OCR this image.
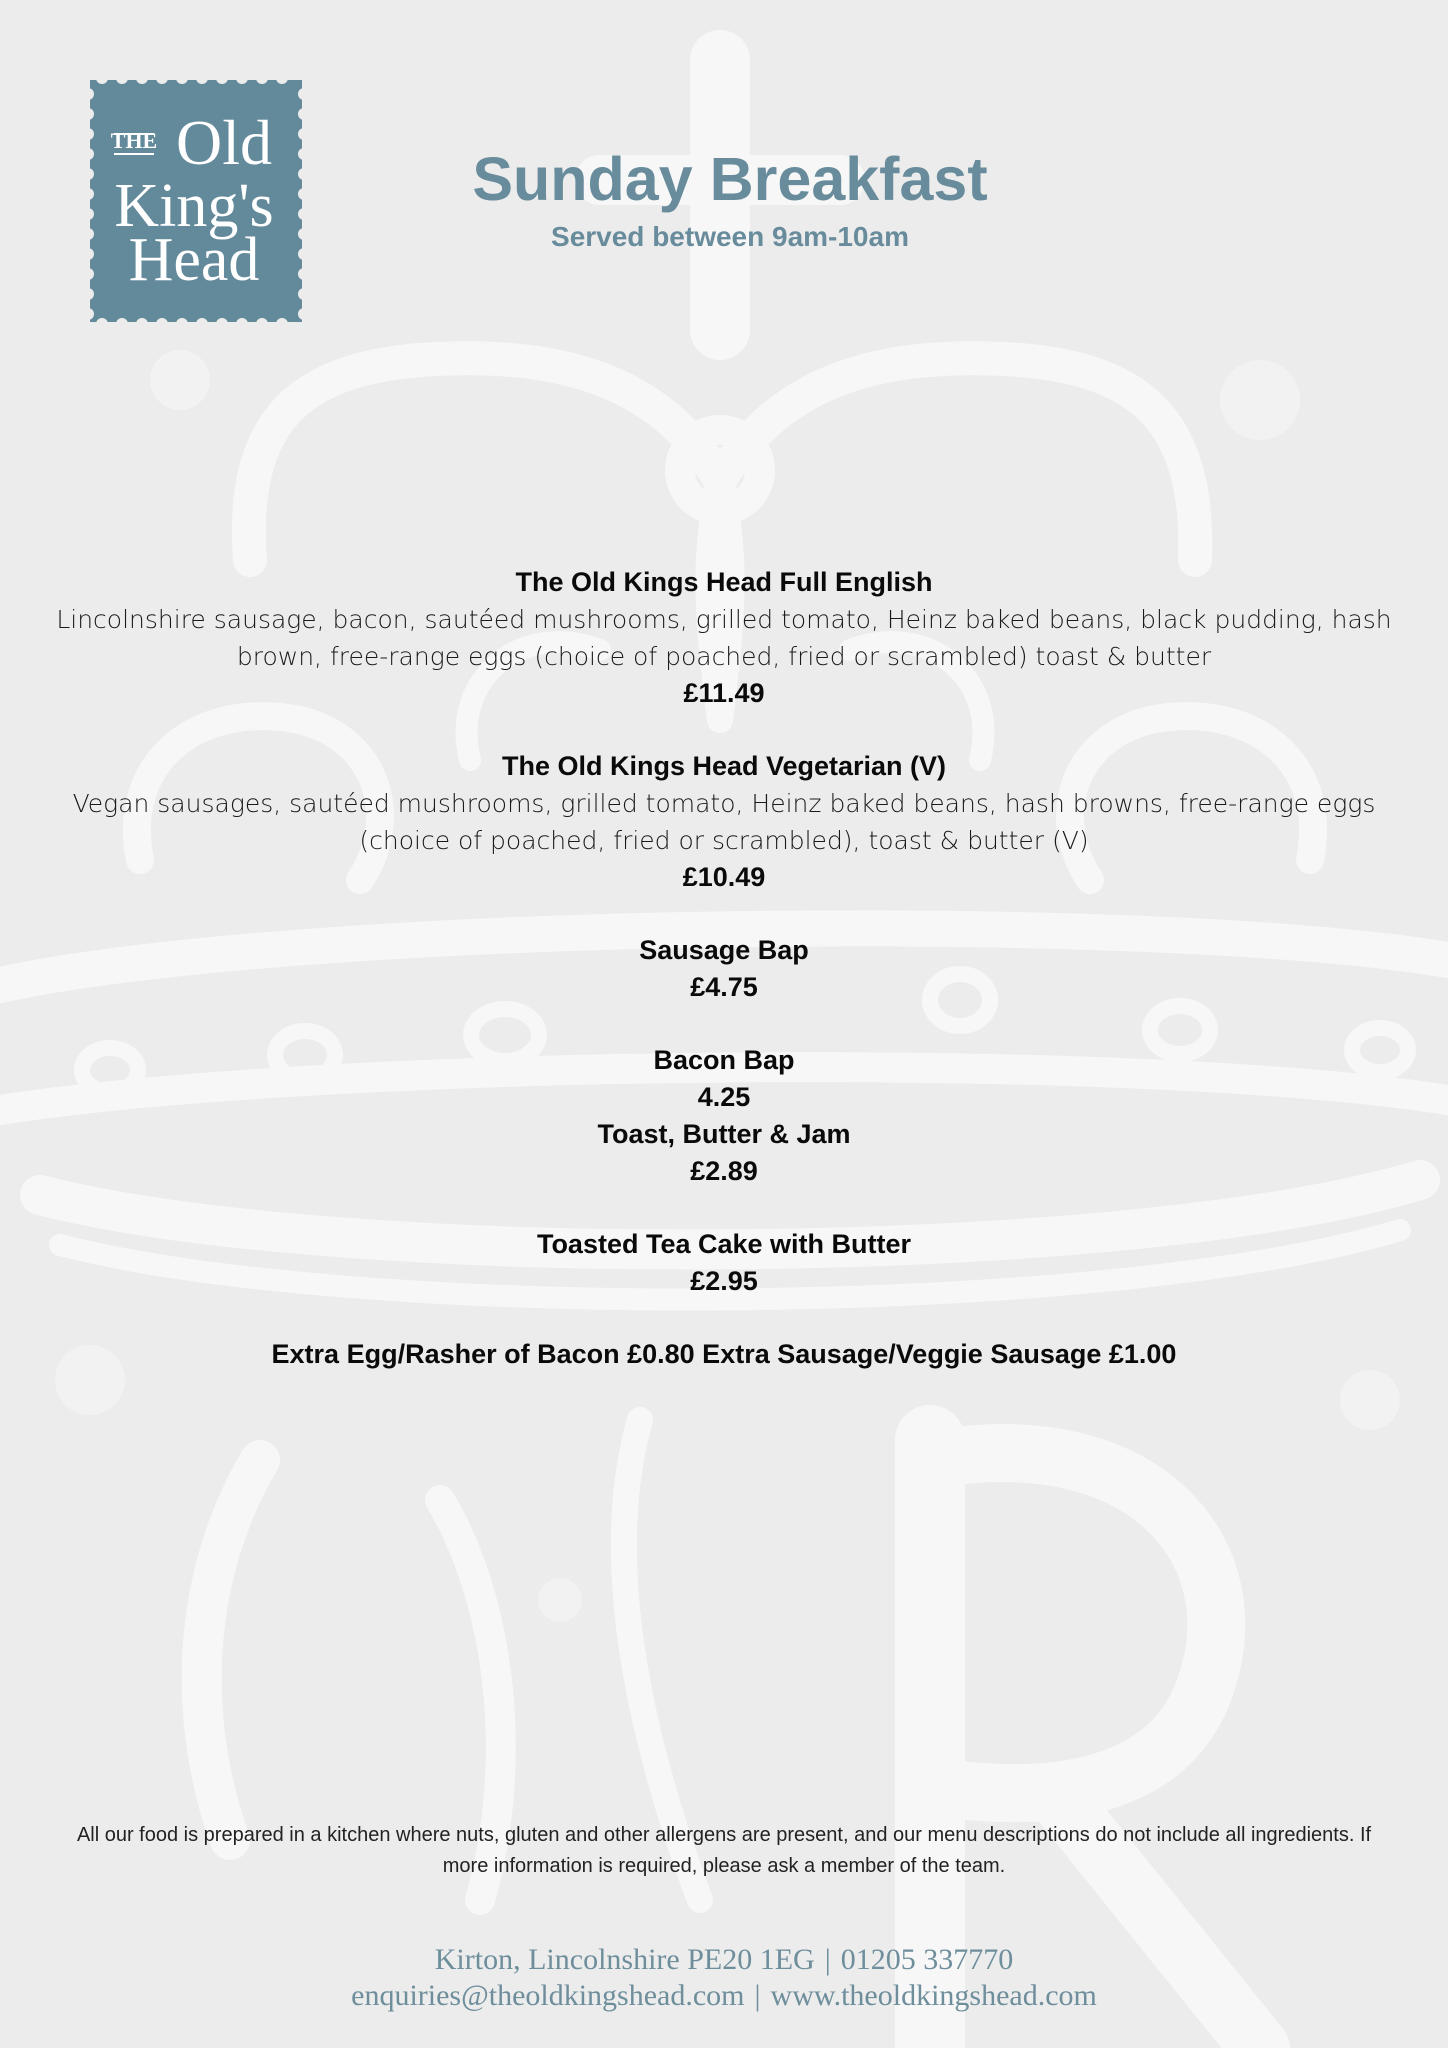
THE Old
King's
Head
Sunday Breakfast

Served between 9am-10am

The Old Kings Head Full English
Lincolnshire sausage, bacon, sautéed mushrooms, grilled tomato, Heinz baked beans, black pudding, hash brown, free-range eggs (choice of poached, fried or scrambled) toast & butter
£11.49
The Old Kings Head Vegetarian (V)
Vegan sausages, sautéed mushrooms, grilled tomato, Heinz baked beans, hash browns, free-range eggs (choice of poached, fried or scrambled), toast & butter (V)
£10.49
Sausage Bap
£4.75
Bacon Bap
4.25
Toast, Butter & Jam
£2.89
Toasted Tea Cake with Butter
£2.95
Extra Egg/Rasher of Bacon £0.80 Extra Sausage/Veggie Sausage £1.00
All our food is prepared in a kitchen where nuts, gluten and other allergens are present, and our menu descriptions do not include all ingredients. If more information is required, please ask a member of the team.
Kirton, Lincolnshire PE20 1EG | 01205 337770
enquiries@theoldkingshead.com | www.theoldkingshead.com
